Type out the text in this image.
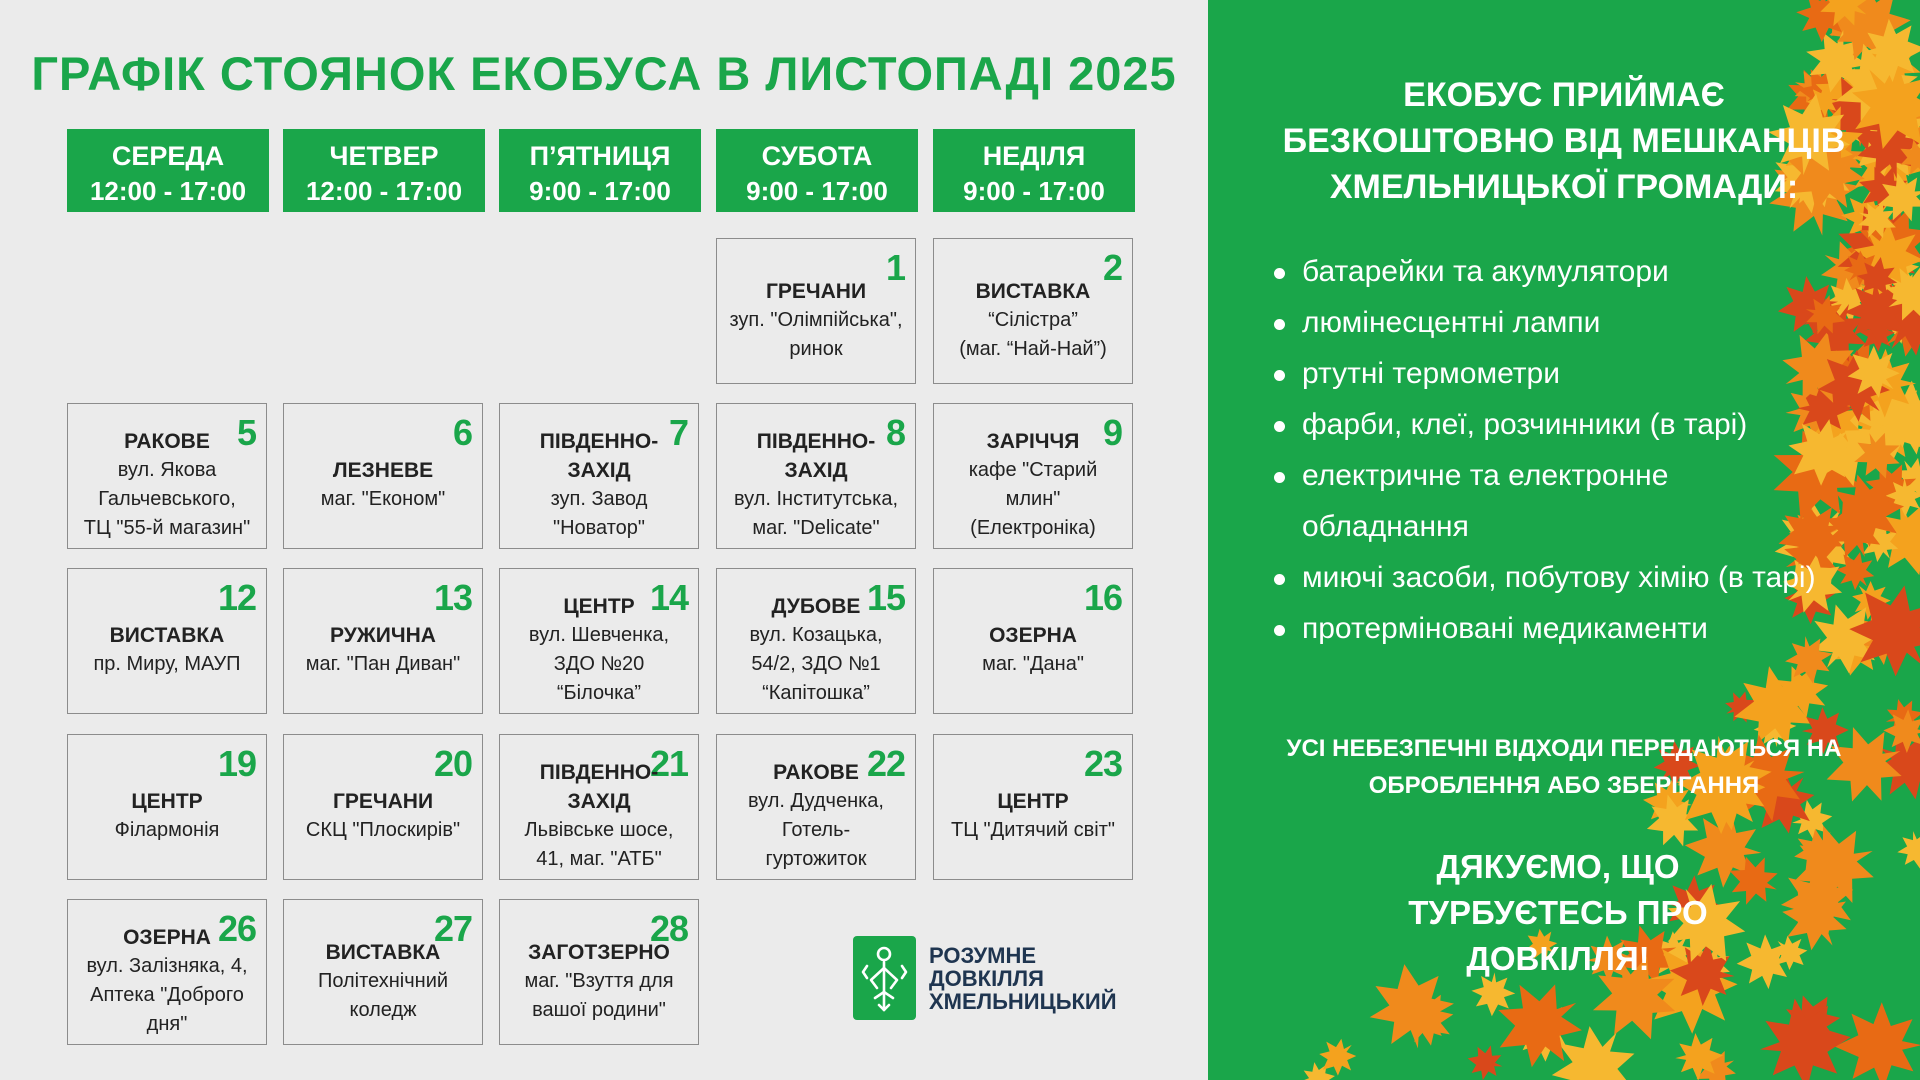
ГРАФІК СТОЯНОК ЕКОБУСА В ЛИСТОПАДІ 2025
СЕРЕДА
12:00 - 17:00
ЧЕТВЕР
12:00 - 17:00
П’ЯТНИЦЯ
9:00 - 17:00
СУБОТА
9:00 - 17:00
НЕДІЛЯ
9:00 - 17:00
1
ГРЕЧАНИ
зуп. "Олімпійська",
ринок
2
ВИСТАВКА
“Сілістра”
(маг. “Най-Най”)
5
РАКОВЕ
вул. Якова
Гальчевського,
ТЦ "55-й магазин"
6
ЛЕЗНЕВЕ
маг. "Економ"
7
ПІВДЕННО-
ЗАХІД
зуп. Завод
"Новатор"
8
ПІВДЕННО-
ЗАХІД
вул. Інститутська,
маг. "Delicate"
9
ЗАРІЧЧЯ
кафе "Старий
млин"
(Електроніка)
12
ВИСТАВКА
пр. Миру, МАУП
13
РУЖИЧНА
маг. "Пан Диван"
14
ЦЕНТР
вул. Шевченка,
ЗДО №20
“Білочка”
15
ДУБОВЕ
вул. Козацька,
54/2, ЗДО №1
“Капітошка”
16
ОЗЕРНА
маг. "Дана"
19
ЦЕНТР
Філармонія
20
ГРЕЧАНИ
СКЦ "Плоскирів"
21
ПІВДЕННО-
ЗАХІД
Львівське шосе,
41, маг. "АТБ"
22
РАКОВЕ
вул. Дудченка,
Готель-
гуртожиток
23
ЦЕНТР
ТЦ "Дитячий світ"
26
ОЗЕРНА
вул. Залізняка, 4,
Аптека "Доброго
дня"
27
ВИСТАВКА
Політехнічний
коледж
28
ЗАГОТЗЕРНО
маг. "Взуття для
вашої родини"
РОЗУМНЕ
ДОВКІЛЛЯ
ХМЕЛЬНИЦЬКИЙ
ЕКОБУС ПРИЙМАЄ
БЕЗКОШТОВНО ВІД МЕШКАНЦІВ
ХМЕЛЬНИЦЬКОЇ ГРОМАДИ:
батарейки та акумулятори
люмінесцентні лампи
ртутні термометри
фарби, клеї, розчинники (в тарі)
електричне та електронне обладнання
миючі засоби, побутову хімію (в тарі)
протерміновані медикаменти
УСІ НЕБЕЗПЕЧНІ ВІДХОДИ ПЕРЕДАЮТЬСЯ НА
ОБРОБЛЕННЯ АБО ЗБЕРІГАННЯ
ДЯКУЄМО, ЩО
ТУРБУЄТЕСЬ ПРО
ДОВКІЛЛЯ!
